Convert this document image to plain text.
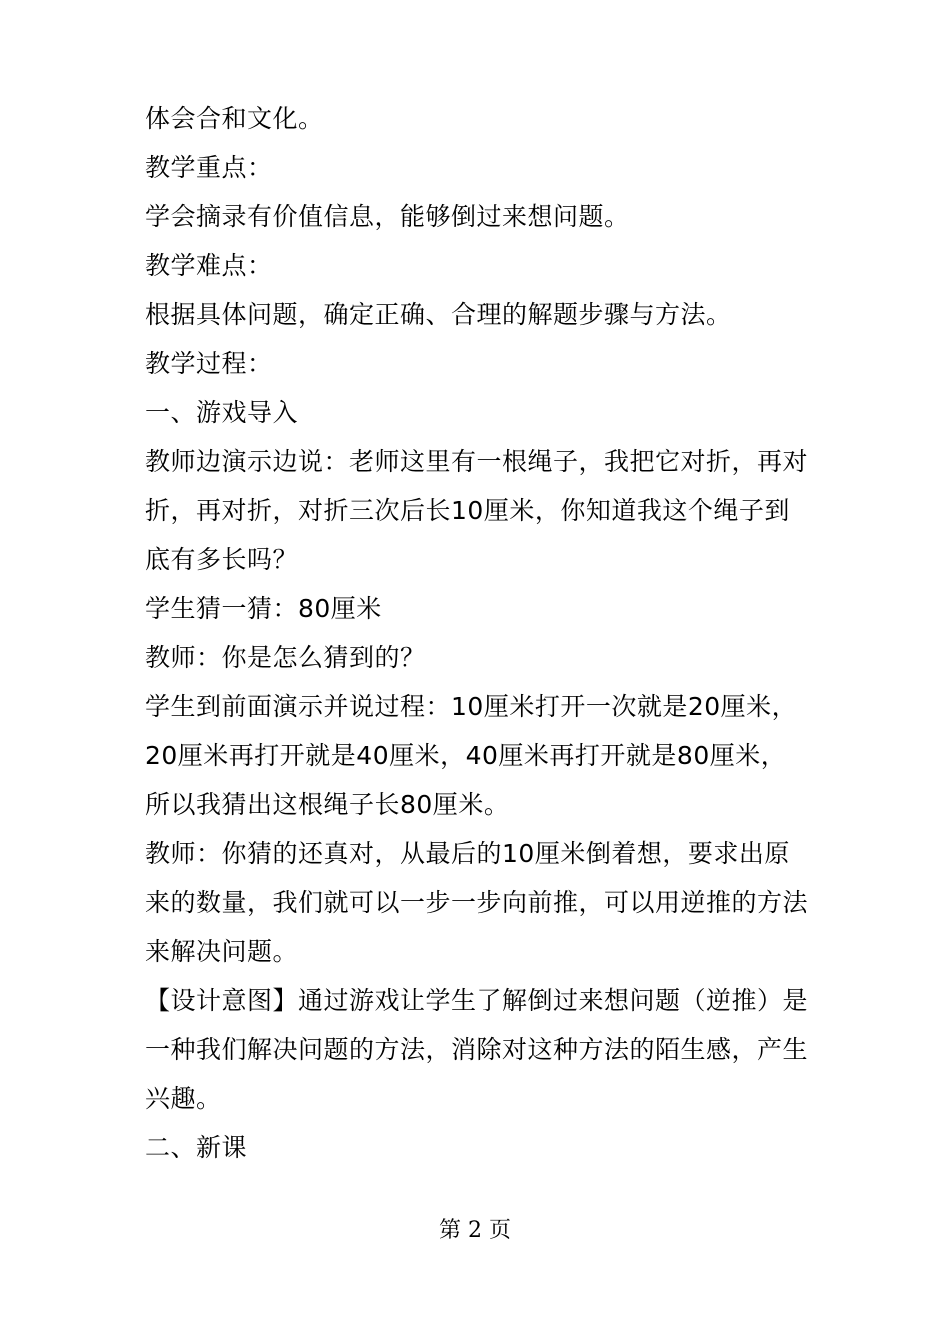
体会合和文化。

教学重点：

学会摘录有价值信息，能够倒过来想问题。

教学难点：

根据具体问题，确定正确、合理的解题步骤与方法。

教学过程：

一、游戏导入

教师边演示边说：老师这里有一根绳子，我把它对折，再对折，再对折，对折三次后长10厘米，你知道我这个绳子到底有多长吗？

学生猜一猜：80厘米

教师：你是怎么猜到的？

学生到前面演示并说过程：10厘米打开一次就是20厘米，20厘米再打开就是40厘米，40厘米再打开就是80厘米，所以我猜出这根绳子长80厘米。

教师：你猜的还真对，从最后的10厘米倒着想，要求出原来的数量，我们就可以一步一步向前推，可以用逆推的方法来解决问题。

【设计意图】通过游戏让学生了解倒过来想问题（逆推）是一种我们解决问题的方法，消除对这种方法的陌生感，产生兴趣。

二、新课

第 2 页
